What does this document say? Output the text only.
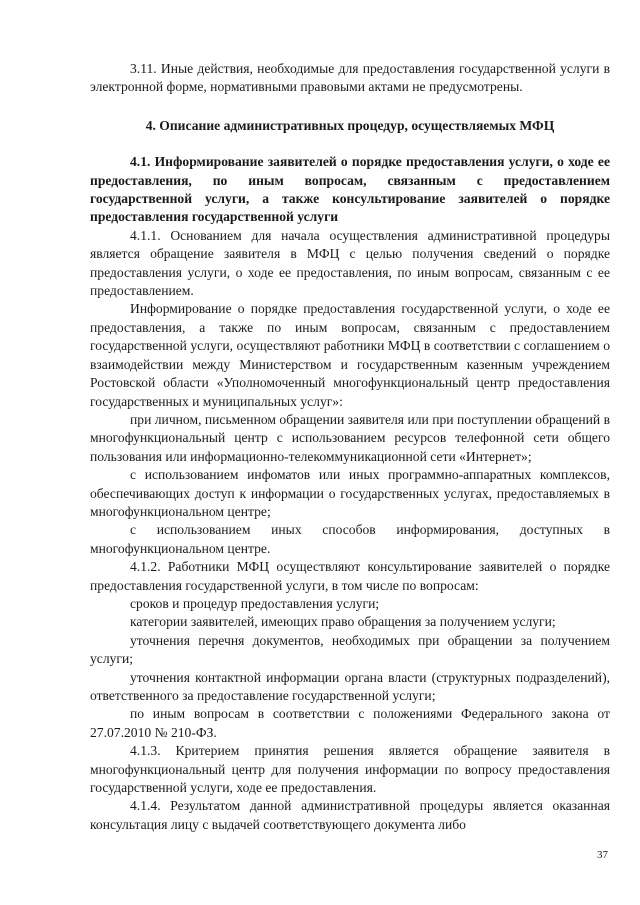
3.11. Иные действия, необходимые для предоставления государственной услуги в электронной форме, нормативными правовыми актами не предусмотрены.

4. Описание административных процедур, осуществляемых МФЦ

4.1. Информирование заявителей о порядке предоставления услуги, о ходе ее предоставления, по иным вопросам, связанным с предоставлением государственной услуги, а также консультирование заявителей о порядке предоставления государственной услуги

4.1.1. Основанием для начала осуществления административной процедуры является обращение заявителя в МФЦ с целью получения сведений о порядке предоставления услуги, о ходе ее предоставления, по иным вопросам, связанным с ее предоставлением.

Информирование о порядке предоставления государственной услуги, о ходе ее предоставления, а также по иным вопросам, связанным с предоставлением государственной услуги, осуществляют работники МФЦ в соответствии с соглашением о взаимодействии между Министерством и государственным казенным учреждением Ростовской области «Уполномоченный многофункциональный центр предоставления государственных и муниципальных услуг»:

при личном, письменном обращении заявителя или при поступлении обращений в многофункциональный центр с использованием ресурсов телефонной сети общего пользования или информационно-телекоммуникационной сети «Интернет»;

с использованием инфоматов или иных программно-аппаратных комплексов, обеспечивающих доступ к информации о государственных услугах, предоставляемых в многофункциональном центре;

с использованием иных способов информирования, доступных в многофункциональном центре.

4.1.2. Работники МФЦ осуществляют консультирование заявителей о порядке предоставления государственной услуги, в том числе по вопросам:

сроков и процедур предоставления услуги;

категории заявителей, имеющих право обращения за получением услуги;

уточнения перечня документов, необходимых при обращении за получением услуги;

уточнения контактной информации органа власти (структурных подразделений), ответственного за предоставление государственной услуги;

по иным вопросам в соответствии с положениями Федерального закона от 27.07.2010 № 210-ФЗ.

4.1.3. Критерием принятия решения является обращение заявителя в многофункциональный центр для получения информации по вопросу предоставления государственной услуги, ходе ее предоставления.

4.1.4. Результатом данной административной процедуры является оказанная консультация лицу с выдачей соответствующего документа либо

37
